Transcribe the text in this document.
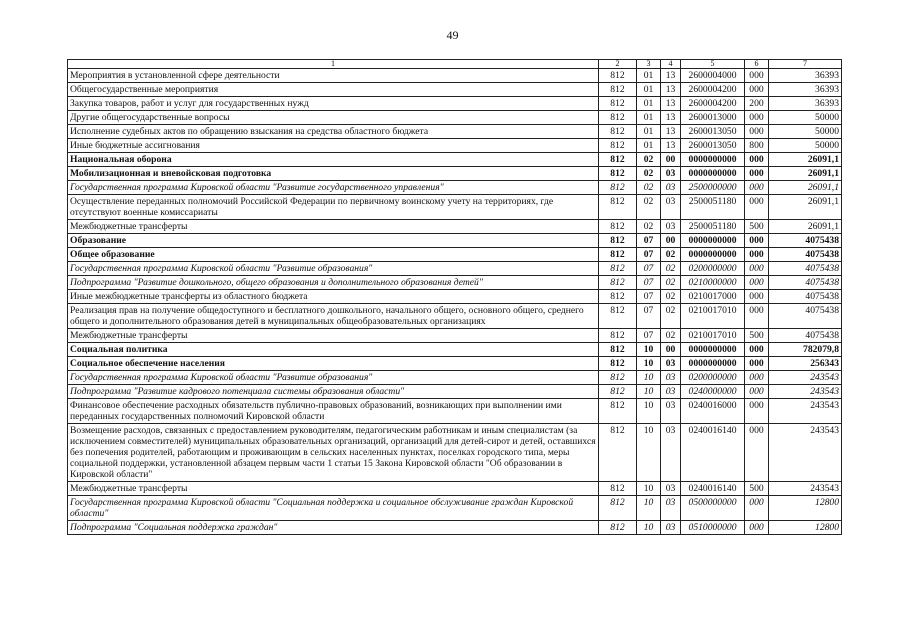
49
1	2	3	4	5	6	7
Мероприятия в установленной сфере деятельности	812	01	13	2600004000	000	36393
Общегосударственные мероприятия	812	01	13	2600004200	000	36393
Закупка товаров, работ и услуг для государственных нужд	812	01	13	2600004200	200	36393
Другие общегосударственные вопросы	812	01	13	2600013000	000	50000
Исполнение судебных актов по обращению взыскания на средства областного бюджета	812	01	13	2600013050	000	50000
Иные бюджетные ассигнования	812	01	13	2600013050	800	50000
Национальная оборона	812	02	00	0000000000	000	26091,1
Мобилизационная и вневойсковая подготовка	812	02	03	0000000000	000	26091,1
Государственная программа Кировской области "Развитие государственного управления"	812	02	03	2500000000	000	26091,1
Осуществление переданных полномочий Российской Федерации по первичному воинскому учету на территориях, где отсутствуют военные комиссариаты	812	02	03	2500051180	000	26091,1
Межбюджетные трансферты	812	02	03	2500051180	500	26091,1
Образование	812	07	00	0000000000	000	4075438
Общее образование	812	07	02	0000000000	000	4075438
Государственная программа Кировской области "Развитие образования"	812	07	02	0200000000	000	4075438
Подпрограмма "Развитие дошкольного, общего образования и дополнительного образования детей"	812	07	02	0210000000	000	4075438
Иные межбюджетные трансферты из областного бюджета	812	07	02	0210017000	000	4075438
Реализация прав на получение общедоступного и бесплатного дошкольного, начального общего, основного общего, среднего общего и дополнительного образования детей в муниципальных общеобразовательных организациях	812	07	02	0210017010	000	4075438
Межбюджетные трансферты	812	07	02	0210017010	500	4075438
Социальная политика	812	10	00	0000000000	000	782079,8
Социальное обеспечение населения	812	10	03	0000000000	000	256343
Государственная программа Кировской области "Развитие образования"	812	10	03	0200000000	000	243543
Подпрограмма "Развитие кадрового потенциала системы образования области"	812	10	03	0240000000	000	243543
Финансовое обеспечение расходных обязательств публично-правовых образований, возникающих при выполнении ими переданных государственных полномочий Кировской области	812	10	03	0240016000	000	243543
Возмещение расходов, связанных с предоставлением руководителям, педагогическим работникам и иным специалистам (за исключением совместителей) муниципальных образовательных организаций, организаций для детей-сирот и детей, оставшихся без попечения родителей, работающим и проживающим в сельских населенных пунктах, поселках городского типа, меры социальной поддержки, установленной абзацем первым части 1 статьи 15 Закона Кировской области "Об образовании в Кировской области"	812	10	03	0240016140	000	243543
Межбюджетные трансферты	812	10	03	0240016140	500	243543
Государственная программа Кировской области "Социальная поддержка и социальное обслуживание граждан Кировской области"	812	10	03	0500000000	000	12800
Подпрограмма "Социальная поддержка граждан"	812	10	03	0510000000	000	12800
